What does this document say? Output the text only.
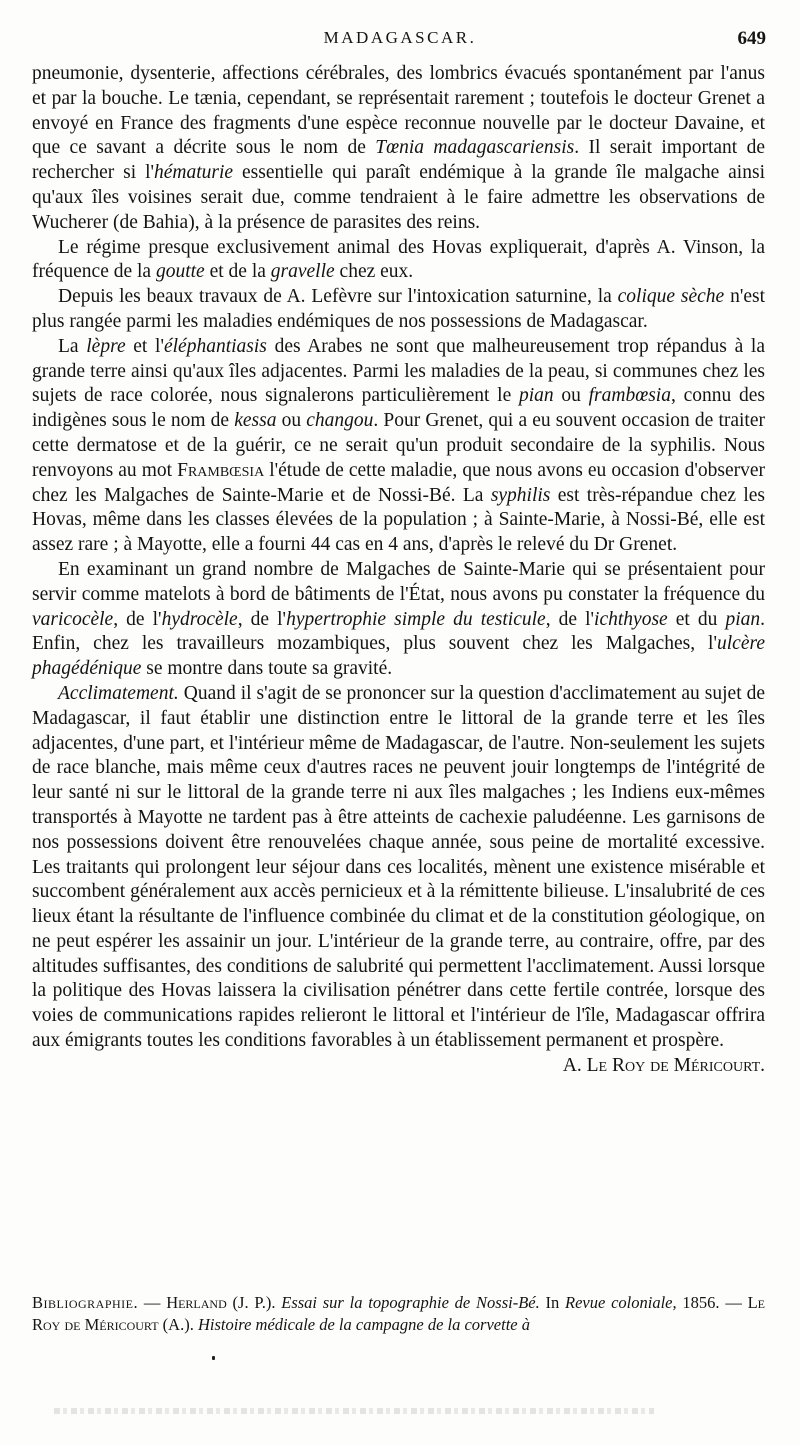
MADAGASCAR.	649

pneumonie, dysenterie, affections cérébrales, des lombrics évacués spontanément par l'anus et par la bouche. Le tænia, cependant, se représentait rarement ; toutefois le docteur Grenet a envoyé en France des fragments d'une espèce reconnue nouvelle par le docteur Davaine, et que ce savant a décrite sous le nom de Tœnia madagascariensis. Il serait important de rechercher si l'hématurie essentielle qui paraît endémique à la grande île malgache ainsi qu'aux îles voisines serait due, comme tendraient à le faire admettre les observations de Wucherer (de Bahia), à la présence de parasites des reins.

Le régime presque exclusivement animal des Hovas expliquerait, d'après A. Vinson, la fréquence de la goutte et de la gravelle chez eux.

Depuis les beaux travaux de A. Lefèvre sur l'intoxication saturnine, la colique sèche n'est plus rangée parmi les maladies endémiques de nos possessions de Madagascar.

La lèpre et l'éléphantiasis des Arabes ne sont que malheureusement trop répandus à la grande terre ainsi qu'aux îles adjacentes. Parmi les maladies de la peau, si communes chez les sujets de race colorée, nous signalerons particulièrement le pian ou frambœsia, connu des indigènes sous le nom de kessa ou changou. Pour Grenet, qui a eu souvent occasion de traiter cette dermatose et de la guérir, ce ne serait qu'un produit secondaire de la syphilis. Nous renvoyons au mot Frambœsia l'étude de cette maladie, que nous avons eu occasion d'observer chez les Malgaches de Sainte-Marie et de Nossi-Bé. La syphilis est très-répandue chez les Hovas, même dans les classes élevées de la population ; à Sainte-Marie, à Nossi-Bé, elle est assez rare ; à Mayotte, elle a fourni 44 cas en 4 ans, d'après le relevé du Dr Grenet.

En examinant un grand nombre de Malgaches de Sainte-Marie qui se présentaient pour servir comme matelots à bord de bâtiments de l'État, nous avons pu constater la fréquence du varicocèle, de l'hydrocèle, de l'hypertrophie simple du testicule, de l'ichthyose et du pian. Enfin, chez les travailleurs mozambiques, plus souvent chez les Malgaches, l'ulcère phagédénique se montre dans toute sa gravité.

Acclimatement. Quand il s'agit de se prononcer sur la question d'acclimatement au sujet de Madagascar, il faut établir une distinction entre le littoral de la grande terre et les îles adjacentes, d'une part, et l'intérieur même de Madagascar, de l'autre. Non-seulement les sujets de race blanche, mais même ceux d'autres races ne peuvent jouir longtemps de l'intégrité de leur santé ni sur le littoral de la grande terre ni aux îles malgaches ; les Indiens eux-mêmes transportés à Mayotte ne tardent pas à être atteints de cachexie paludéenne. Les garnisons de nos possessions doivent être renouvelées chaque année, sous peine de mortalité excessive. Les traitants qui prolongent leur séjour dans ces localités, mènent une existence misérable et succombent généralement aux accès pernicieux et à la rémittente bilieuse. L'insalubrité de ces lieux étant la résultante de l'influence combinée du climat et de la constitution géologique, on ne peut espérer les assainir un jour. L'intérieur de la grande terre, au contraire, offre, par des altitudes suffisantes, des conditions de salubrité qui permettent l'acclimatement. Aussi lorsque la politique des Hovas laissera la civilisation pénétrer dans cette fertile contrée, lorsque des voies de communications rapides relieront le littoral et l'intérieur de l'île, Madagascar offrira aux émigrants toutes les conditions favorables à un établissement permanent et prospère.
A. Le Roy de Méricourt.

Bibliographie. — Herland (J. P.). Essai sur la topographie de Nossi-Bé. In Revue coloniale, 1856. — Le Roy de Méricourt (A.). Histoire médicale de la campagne de la corvette à
